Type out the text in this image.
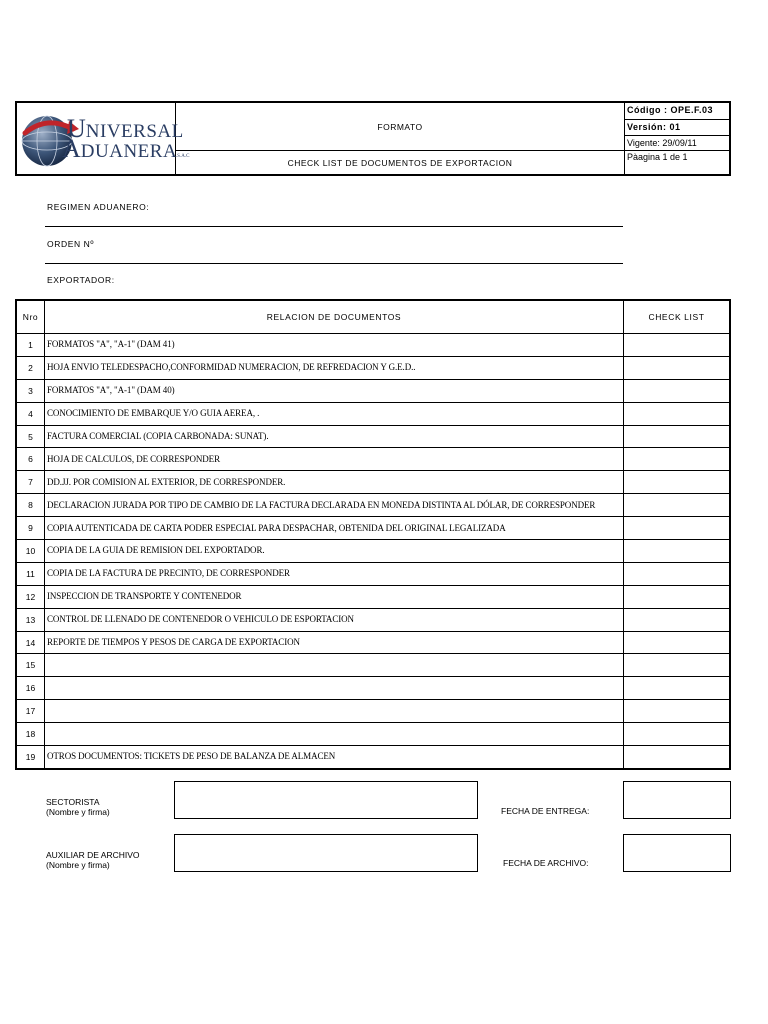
UNIVERSAL
ADUANERAS.A.C
FORMATO
CHECK LIST DE DOCUMENTOS DE EXPORTACION
Código : OPE.F.03
Versión: 01
Vigente: 29/09/11
Pàagina 1 de 1
REGIMEN ADUANERO:
ORDEN Nº
EXPORTADOR:
Nro	RELACION DE DOCUMENTOS	CHECK LIST
1	FORMATOS "A", "A-1" (DAM 41)	
2	HOJA ENVIO TELEDESPACHO,CONFORMIDAD NUMERACION, DE REFREDACION Y G.E.D..	
3	FORMATOS "A", "A-1" (DAM 40)	
4	CONOCIMIENTO DE EMBARQUE Y/O GUIA AEREA, .	
5	FACTURA COMERCIAL (COPIA CARBONADA: SUNAT).	
6	HOJA DE CALCULOS, DE CORRESPONDER	
7	DD.JJ. POR COMISION AL EXTERIOR, DE CORRESPONDER.	
8	DECLARACION JURADA POR TIPO DE CAMBIO DE LA FACTURA DECLARADA EN MONEDA DISTINTA AL DÓLAR, DE CORRESPONDER	
9	COPIA AUTENTICADA DE CARTA PODER ESPECIAL PARA DESPACHAR, OBTENIDA DEL ORIGINAL LEGALIZADA	
10	COPIA DE LA GUIA DE REMISION DEL EXPORTADOR.	
11	COPIA DE LA FACTURA DE PRECINTO, DE CORRESPONDER	
12	INSPECCION DE TRANSPORTE Y CONTENEDOR	
13	CONTROL DE LLENADO DE CONTENEDOR O VEHICULO DE ESPORTACION	
14	REPORTE DE TIEMPOS Y PESOS DE CARGA DE EXPORTACION	
15		
16		
17		
18		
19	OTROS DOCUMENTOS: TICKETS DE PESO DE BALANZA DE ALMACEN	
SECTORISTA
(Nombre y firma)	FECHA DE ENTREGA:
AUXILIAR DE ARCHIVO
(Nombre y firma)	FECHA DE ARCHIVO:
